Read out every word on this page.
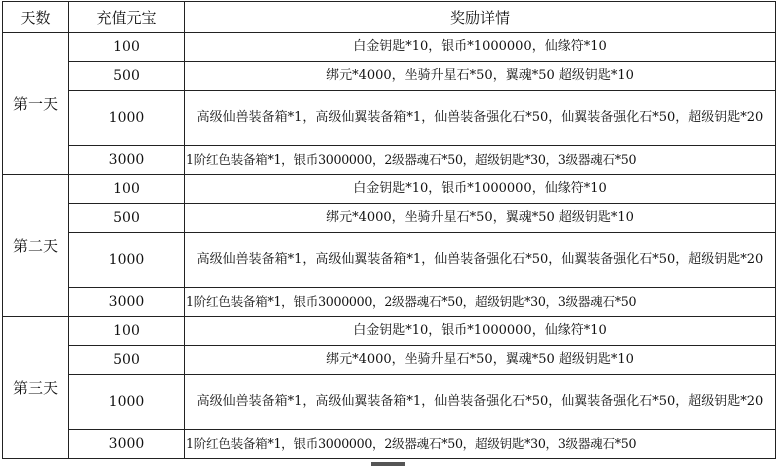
天数	充值元宝	奖励详情
第一天	100	白金钥匙*10，银币*1000000，仙缘符*10
	500	绑元*4000，坐骑升星石*50，翼魂*50 超级钥匙*10
	1000	高级仙兽装备箱*1，高级仙翼装备箱*1，仙兽装备强化石*50，仙翼装备强化石*50，超级钥匙*20
	3000	1阶红色装备箱*1，银币3000000，2级器魂石*50，超级钥匙*30，3级器魂石*50
第二天	100	白金钥匙*10，银币*1000000，仙缘符*10
	500	绑元*4000，坐骑升星石*50，翼魂*50 超级钥匙*10
	1000	高级仙兽装备箱*1，高级仙翼装备箱*1，仙兽装备强化石*50，仙翼装备强化石*50，超级钥匙*20
	3000	1阶红色装备箱*1，银币3000000，2级器魂石*50，超级钥匙*30，3级器魂石*50
第三天	100	白金钥匙*10，银币*1000000，仙缘符*10
	500	绑元*4000，坐骑升星石*50，翼魂*50 超级钥匙*10
	1000	高级仙兽装备箱*1，高级仙翼装备箱*1，仙兽装备强化石*50，仙翼装备强化石*50，超级钥匙*20
	3000	1阶红色装备箱*1，银币3000000，2级器魂石*50，超级钥匙*30，3级器魂石*50
